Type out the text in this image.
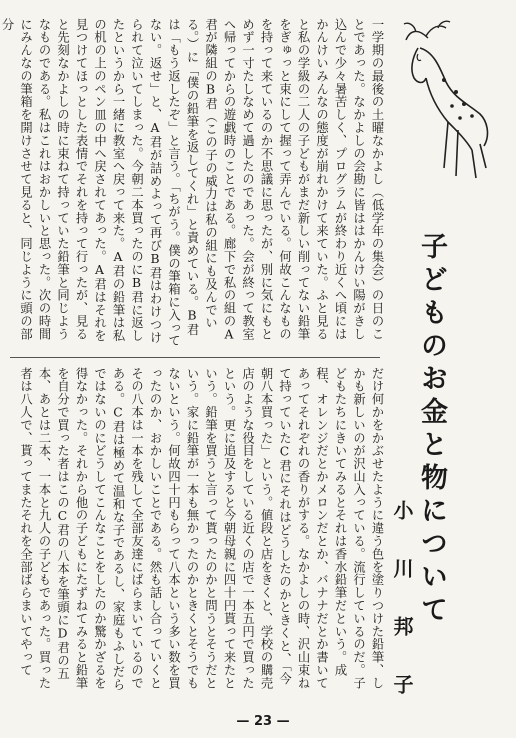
子どものお金と物について
小川邦子
一学期の最後の土曜なかよし（低学年の集会）の日のことであった。なかよしの会勘に皆ははかんけい陽がきし込んで少々暑苦しく、プログラムが終わり近くへ頃にはかんけいみんなの態度が崩れかけて来ていた。ふと見ると私の学級の二人の子どもがまだ新しい削ってない鉛筆をぎゅっと束にして握って弄んでいる。何故こんなものを持って来ているのか不思議に思ったが、別に気にもとめず一寸たしなめて過したのであった。会が終って教室へ帰ってからの遊戯時のことである。廊下で私の組のA君が隣組のB君（この子の威力は私の組にも及んでいる。）に「僕の鉛筆を返してくれ」と責めている。B君は「もう返したぞ」と言う。「ちがう。僕の筆箱に入ってない。返せ」と、A君が詰めよって再びB君はわけつけられて泣いてしまった。今朝二本買ったのにB君に返したというから一緒に教室へ戻って来た。A君の鉛筆は私の机の上のペン皿の中へ戻されてあった。A君はそれを見つけてほっとした表情でそれを持って行ったが、見ると先刻なかよしの時に束ねて持っていた鉛筆と同じようなものである。私はこれはおかしいと思った。次の時間にみんなの筆箱を開けさせて見ると、同じように頭の部分
だけ何かをかぶせたように違う色を塗りつけた鉛筆、しかも新しいのが沢山入っている。流行しているのだ。子どもたちにきいてみるとそれは香水鉛筆だという。成程、オレンジだとかメロンだとか、バナナだとか書いてあってそれぞれの香りがする。なかよしの時、沢山束ねて持っていたC君にそれはどうしたのかときくと、「今朝八本買った」という。値段と店をきくと、学校の購売店のような役目をしている近くの店で一本五円で買ったという。更に追及すると今朝母親に四十円貰って来たという。鉛筆を買うと言って貰ったのかと問うとそうだという。家に鉛筆が一本も無かったのかときくとそうでもないという。何故四十円もらって八本という多い数を買ったのか、おかしいことである。然も話し合っていくとその八本は一本を残して全部友達にばらまいているのである。C君は極めて温和な子であるし、家庭もふしだらではないのにどうしてこんなことをしたのか驚かざるを得なかった。それから他の子どもにたずねてみると鉛筆を自分で買った者はこのC君の八本を筆頭にD君の五本、あとは二本、一本と九人の子どもであった。買った者は八人で、貰ってまたそれを全部ばらまいてやって
— 23 —
